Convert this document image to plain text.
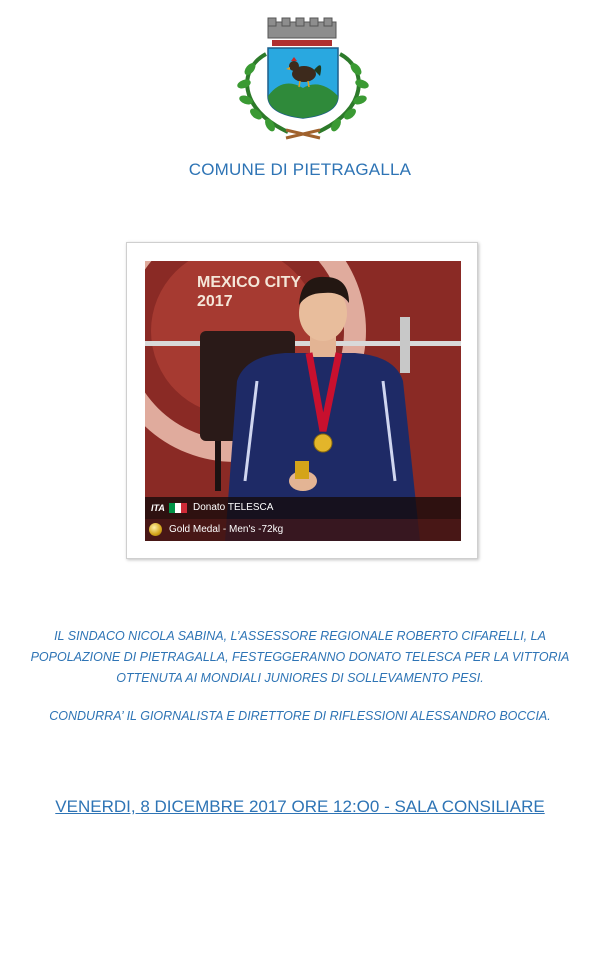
COMUNE DI PIETRAGALLA
MEXICO CITY
2017
ITA	Donato TELESCA
Gold Medal - Men's -72kg
IL SINDACO NICOLA SABINA, L’ASSESSORE REGIONALE ROBERTO CIFARELLI, LA POPOLAZIONE DI PIETRAGALLA, FESTEGGERANNO DONATO TELESCA PER LA VITTORIA OTTENUTA AI MONDIALI JUNIORES DI SOLLEVAMENTO PESI.
CONDURRA’ IL GIORNALISTA E DIRETTORE DI RIFLESSIONI ALESSANDRO BOCCIA.
VENERDI, 8 DICEMBRE 2017 ORE 12:O0 - SALA CONSILIARE
